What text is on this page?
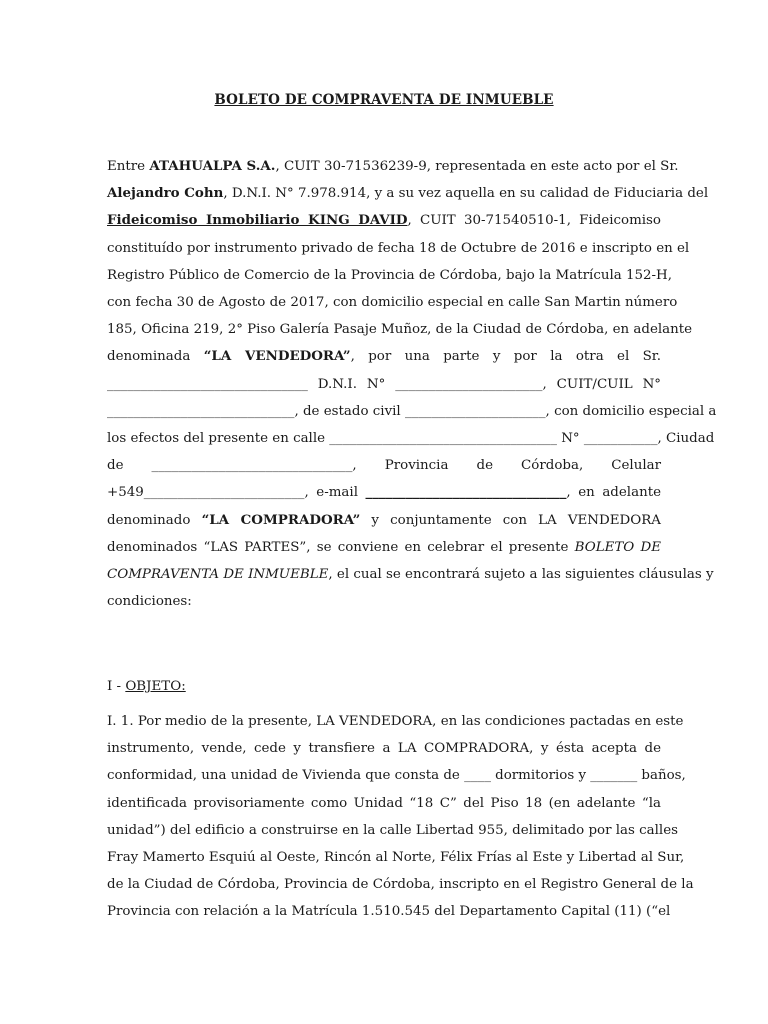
BOLETO DE COMPRAVENTA DE INMUEBLE
Entre ATAHUALPA S.A., CUIT 30-71536239-9, representada en este acto por el Sr.
Alejandro Cohn, D.N.I. N° 7.978.914, y a su vez aquella en su calidad de Fiduciaria del
Fideicomiso Inmobiliario KING DAVID, CUIT 30-71540510-1, Fideicomiso
constituído por instrumento privado de fecha 18 de Octubre de 2016 e inscripto en el
Registro Público de Comercio de la Provincia de Córdoba, bajo la Matrícula 152-H,
con fecha 30 de Agosto de 2017, con domicilio especial en calle San Martin número
185, Oficina 219, 2° Piso Galería Pasaje Muñoz, de la Ciudad de Córdoba, en adelante
denominada “LA VENDEDORA”, por una parte y por la otra el Sr.
______________________________ D.N.I. N° ______________________, CUIT/CUIL N°
____________________________, de estado civil _____________________, con domicilio especial a
los efectos del presente en calle __________________________________ N° ___________, Ciudad
de ______________________________, Provincia de Córdoba, Celular
+549________________________, e-mail ______________________________, en adelante
denominado “LA COMPRADORA” y conjuntamente con LA VENDEDORA
denominados “LAS PARTES”, se conviene en celebrar el presente BOLETO DE
COMPRAVENTA DE INMUEBLE, el cual se encontrará sujeto a las siguientes cláusulas y
condiciones:
I - OBJETO:
I. 1. Por medio de la presente, LA VENDEDORA, en las condiciones pactadas en este
instrumento, vende, cede y transfiere a LA COMPRADORA, y ésta acepta de
conformidad, una unidad de Vivienda que consta de ____ dormitorios y _______ baños,
identificada provisoriamente como Unidad “18 C” del Piso 18 (en adelante “la
unidad”) del edificio a construirse en la calle Libertad 955, delimitado por las calles
Fray Mamerto Esquiú al Oeste, Rincón al Norte, Félix Frías al Este y Libertad al Sur,
de la Ciudad de Córdoba, Provincia de Córdoba, inscripto en el Registro General de la
Provincia con relación a la Matrícula 1.510.545 del Departamento Capital (11) (“el
